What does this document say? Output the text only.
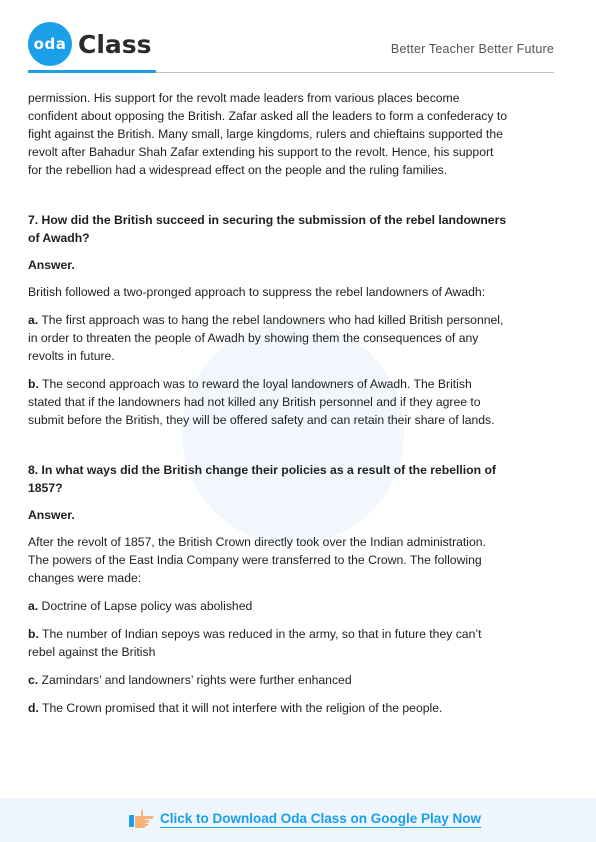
oda Class	Better Teacher Better Future

permission. His support for the revolt made leaders from various places become confident about opposing the British. Zafar asked all the leaders to form a confederacy to fight against the British. Many small, large kingdoms, rulers and chieftains supported the revolt after Bahadur Shah Zafar extending his support to the revolt. Hence, his support for the rebellion had a widespread effect on the people and the ruling families.

7. How did the British succeed in securing the submission of the rebel landowners of Awadh?

Answer.

British followed a two-pronged approach to suppress the rebel landowners of Awadh:

a. The first approach was to hang the rebel landowners who had killed British personnel, in order to threaten the people of Awadh by showing them the consequences of any revolts in future.

b. The second approach was to reward the loyal landowners of Awadh. The British stated that if the landowners had not killed any British personnel and if they agree to submit before the British, they will be offered safety and can retain their share of lands.

8. In what ways did the British change their policies as a result of the rebellion of 1857?

Answer.

After the revolt of 1857, the British Crown directly took over the Indian administration. The powers of the East India Company were transferred to the Crown. The following changes were made:

a. Doctrine of Lapse policy was abolished

b. The number of Indian sepoys was reduced in the army, so that in future they can’t rebel against the British

c. Zamindars’ and landowners’ rights were further enhanced

d. The Crown promised that it will not interfere with the religion of the people.

Click to Download Oda Class on Google Play Now
